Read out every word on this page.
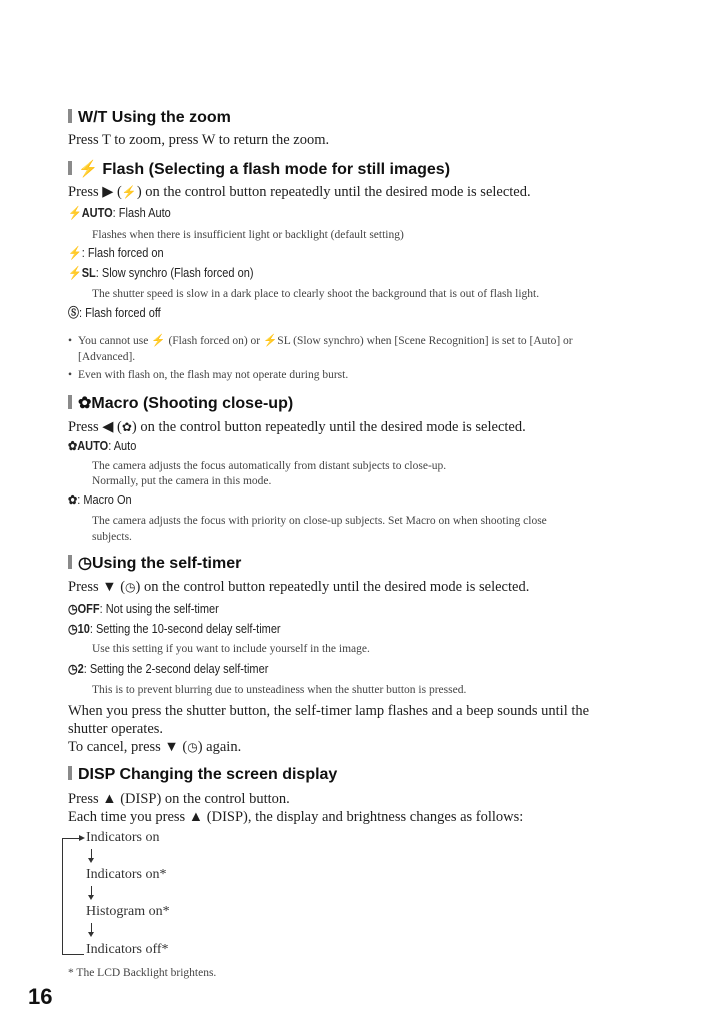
W/T Using the zoom
Press T to zoom, press W to return the zoom.
⚡ Flash (Selecting a flash mode for still images)
Press ▶ (⚡) on the control button repeatedly until the desired mode is selected.
⚡AUTO: Flash Auto
Flashes when there is insufficient light or backlight (default setting)
⚡: Flash forced on
⚡SL: Slow synchro (Flash forced on)
The shutter speed is slow in a dark place to clearly shoot the background that is out of flash light.
Ⓢ: Flash forced off
• You cannot use ⚡ (Flash forced on) or ⚡SL (Slow synchro) when [Scene Recognition] is set to [Auto] or
[Advanced].
• Even with flash on, the flash may not operate during burst.
✿Macro (Shooting close-up)
Press ◀ (✿) on the control button repeatedly until the desired mode is selected.
✿AUTO: Auto
The camera adjusts the focus automatically from distant subjects to close-up.
Normally, put the camera in this mode.
✿: Macro On
The camera adjusts the focus with priority on close-up subjects. Set Macro on when shooting close
subjects.
◷Using the self-timer
Press ▼ (◷) on the control button repeatedly until the desired mode is selected.
◷OFF: Not using the self-timer
◷10: Setting the 10-second delay self-timer
Use this setting if you want to include yourself in the image.
◷2: Setting the 2-second delay self-timer
This is to prevent blurring due to unsteadiness when the shutter button is pressed.
When you press the shutter button, the self-timer lamp flashes and a beep sounds until the
shutter operates.
To cancel, press ▼ (◷) again.
DISP Changing the screen display
Press ▲ (DISP) on the control button.
Each time you press ▲ (DISP), the display and brightness changes as follows:
Indicators on
Indicators on*
Histogram on*
Indicators off*
* The LCD Backlight brightens.
16
